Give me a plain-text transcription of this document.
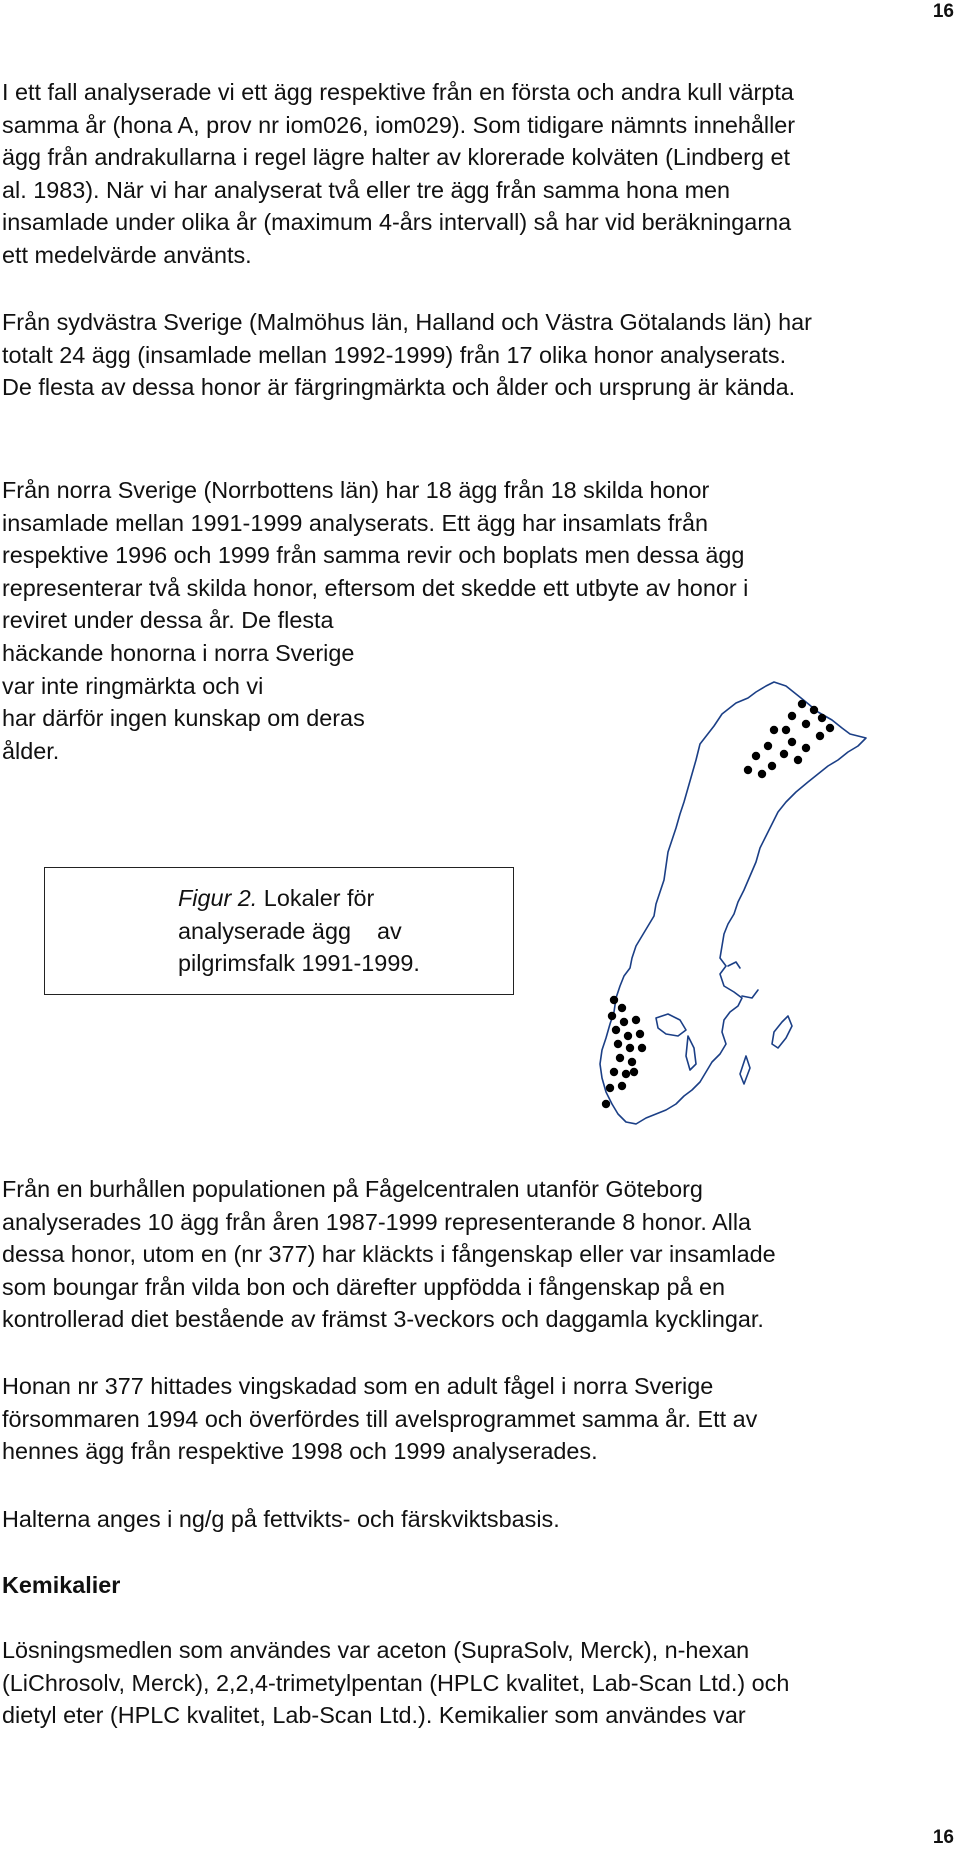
16
I ett fall analyserade vi ett ägg respektive från en första och andra kull värpta
samma år (hona A, prov nr iom026, iom029). Som tidigare nämnts innehåller
ägg från andrakullarna i regel lägre halter av klorerade kolväten (Lindberg et
al. 1983). När vi har analyserat två eller tre ägg från samma hona men
insamlade under olika år (maximum 4-års intervall) så har vid beräkningarna
ett medelvärde använts.
Från sydvästra Sverige (Malmöhus län, Halland och Västra Götalands län) har
totalt 24 ägg (insamlade mellan 1992-1999) från 17 olika honor analyserats.
De flesta av dessa honor är färgringmärkta och ålder och ursprung är kända.
Från norra Sverige (Norrbottens län) har 18 ägg från 18 skilda honor
insamlade mellan 1991-1999 analyserats. Ett ägg har insamlats från
respektive 1996 och 1999 från samma revir och boplats men dessa ägg
representerar två skilda honor, eftersom det skedde ett utbyte av honor i
reviret under dessa år. De flesta
häckande honorna i norra Sverige
var inte ringmärkta och vi
har därför ingen kunskap om deras
ålder.
Figur 2. Lokaler för
analyserade ägg    av
pilgrimsfalk 1991-1999.
Från en burhållen populationen på Fågelcentralen utanför Göteborg
analyserades 10 ägg från åren 1987-1999 representerande 8 honor. Alla
dessa honor, utom en (nr 377) har kläckts i fångenskap eller var insamlade
som boungar från vilda bon och därefter uppfödda i fångenskap på en
kontrollerad diet bestående av främst 3-veckors och daggamla kycklingar.
Honan nr 377 hittades vingskadad som en adult fågel i norra Sverige
försommaren 1994 och överfördes till avelsprogrammet samma år. Ett av
hennes ägg från respektive 1998 och 1999 analyserades.
Halterna anges i ng/g på fettvikts- och färskviktsbasis.
Kemikalier
Lösningsmedlen som användes var aceton (SupraSolv, Merck), n-hexan
(LiChrosolv, Merck), 2,2,4-trimetylpentan (HPLC kvalitet, Lab-Scan Ltd.) och
dietyl eter (HPLC kvalitet, Lab-Scan Ltd.). Kemikalier som användes var
16
